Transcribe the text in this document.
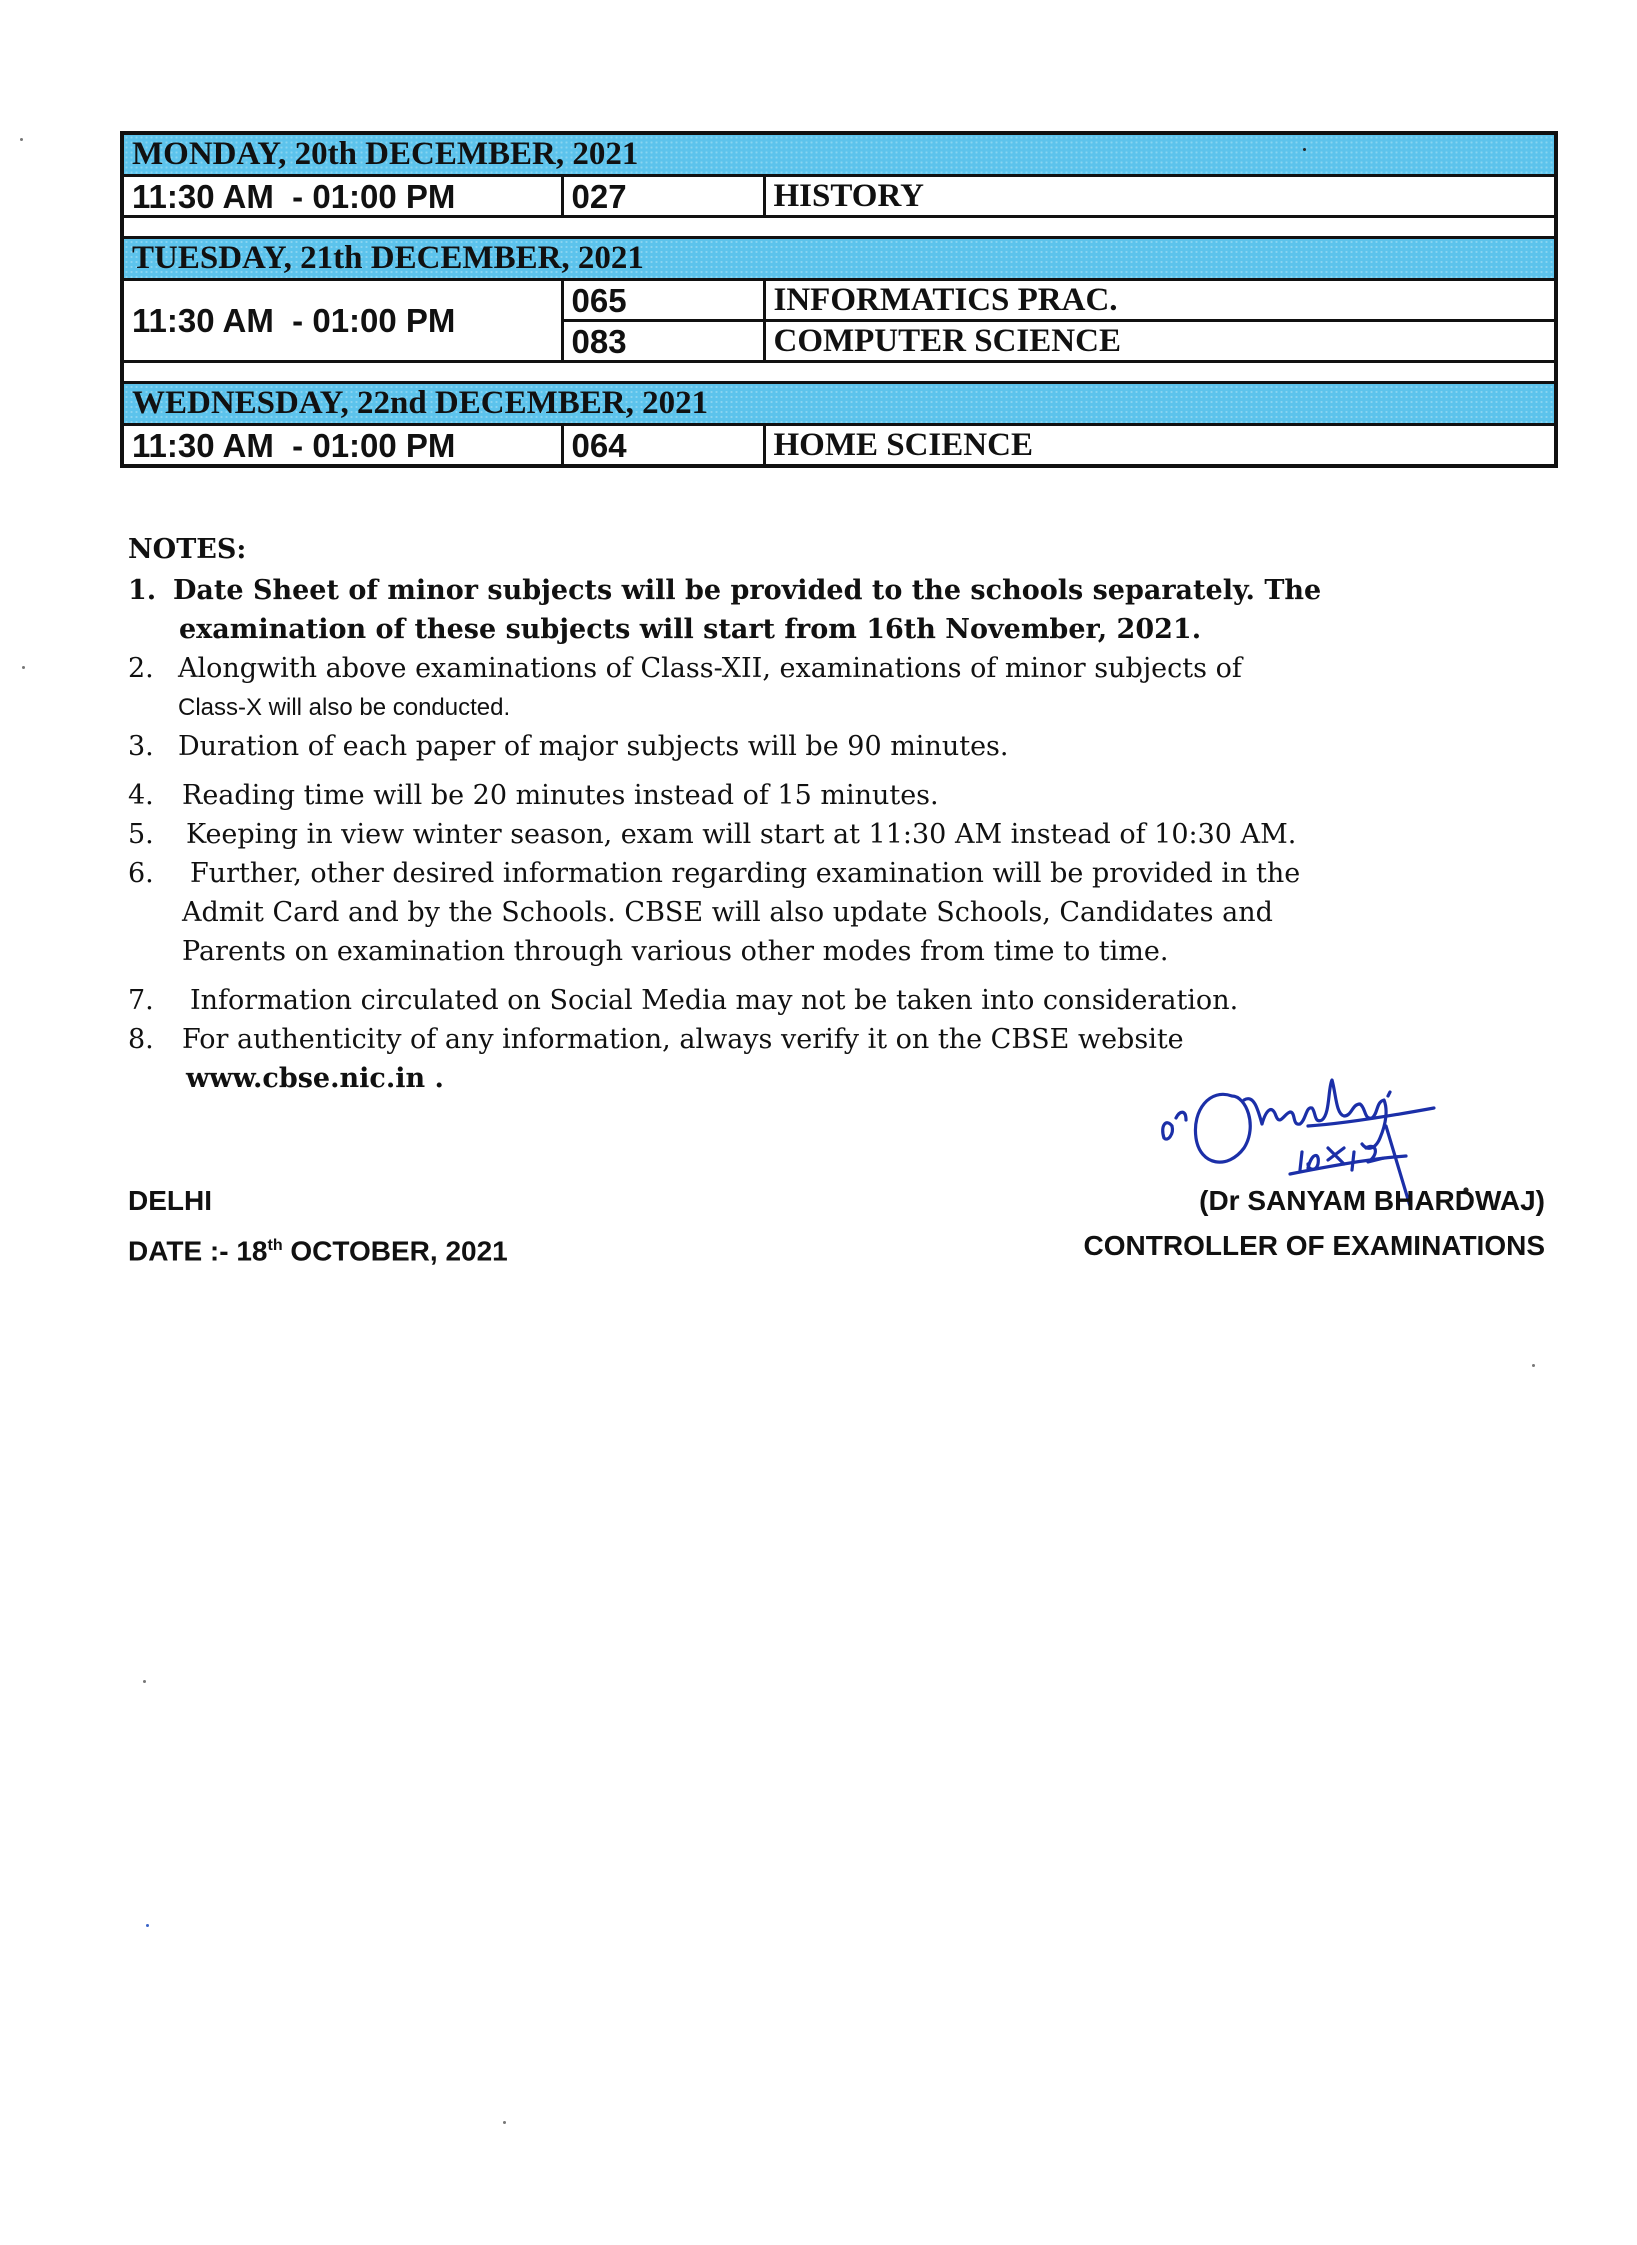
MONDAY, 20th DECEMBER, 2021		
11:30 AM  - 01:00 PM	027	HISTORY

TUESDAY, 21th DECEMBER, 2021		
11:30 AM  - 01:00 PM	065	INFORMATICS PRAC.
	083	COMPUTER SCIENCE

WEDNESDAY, 22nd DECEMBER, 2021		
11:30 AM  - 01:00 PM	064	HOME SCIENCE
NOTES:
1. Date Sheet of minor subjects will be provided to the schools separately. The
examination of these subjects will start from 16th November, 2021.
2. Alongwith above examinations of Class-XII, examinations of minor subjects of
Class-X will also be conducted.
3. Duration of each paper of major subjects will be 90 minutes.
4. Reading time will be 20 minutes instead of 15 minutes.
5. Keeping in view winter season, exam will start at 11:30 AM instead of 10:30 AM.
6. Further, other desired information regarding examination will be provided in the
Admit Card and by the Schools. CBSE will also update Schools, Candidates and
Parents on examination through various other modes from time to time.
7. Information circulated on Social Media may not be taken into consideration.
8. For authenticity of any information, always verify it on the CBSE website
www.cbse.nic.in .
DELHI
DATE :- 18th OCTOBER, 2021
(Dr SANYAM BHARDWAJ)
CONTROLLER OF EXAMINATIONS
